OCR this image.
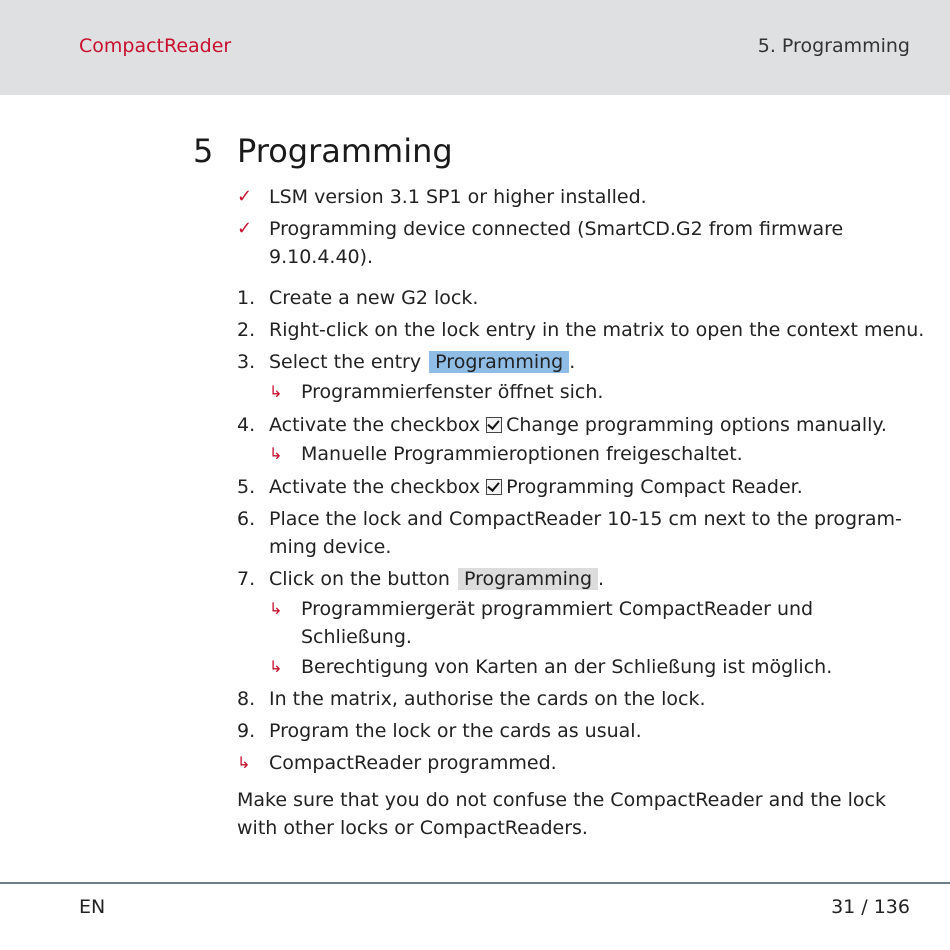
CompactReader	5. Programming
5 Programming
✓ LSM version 3.1 SP1 or higher installed.
✓ Programming device connected (SmartCD.G2 from firmware
9.10.4.40).
1. Create a new G2 lock.
2. Right-click on the lock entry in the matrix to open the context menu.
3. Select the entry Programming .
↳ Programmierfenster öffnet sich.
4. Activate the checkbox Change programming options manually.
↳ Manuelle Programmieroptionen freigeschaltet.
5. Activate the checkbox Programming Compact Reader.
6. Place the lock and CompactReader 10-15 cm next to the program-
ming device.
7. Click on the button Programming .
↳ Programmiergerät programmiert CompactReader und
Schließung.
↳ Berechtigung von Karten an der Schließung ist möglich.
8. In the matrix, authorise the cards on the lock.
9. Program the lock or the cards as usual.
↳ CompactReader programmed.
Make sure that you do not confuse the CompactReader and the lock with other locks or CompactReaders.
EN	31 / 136
